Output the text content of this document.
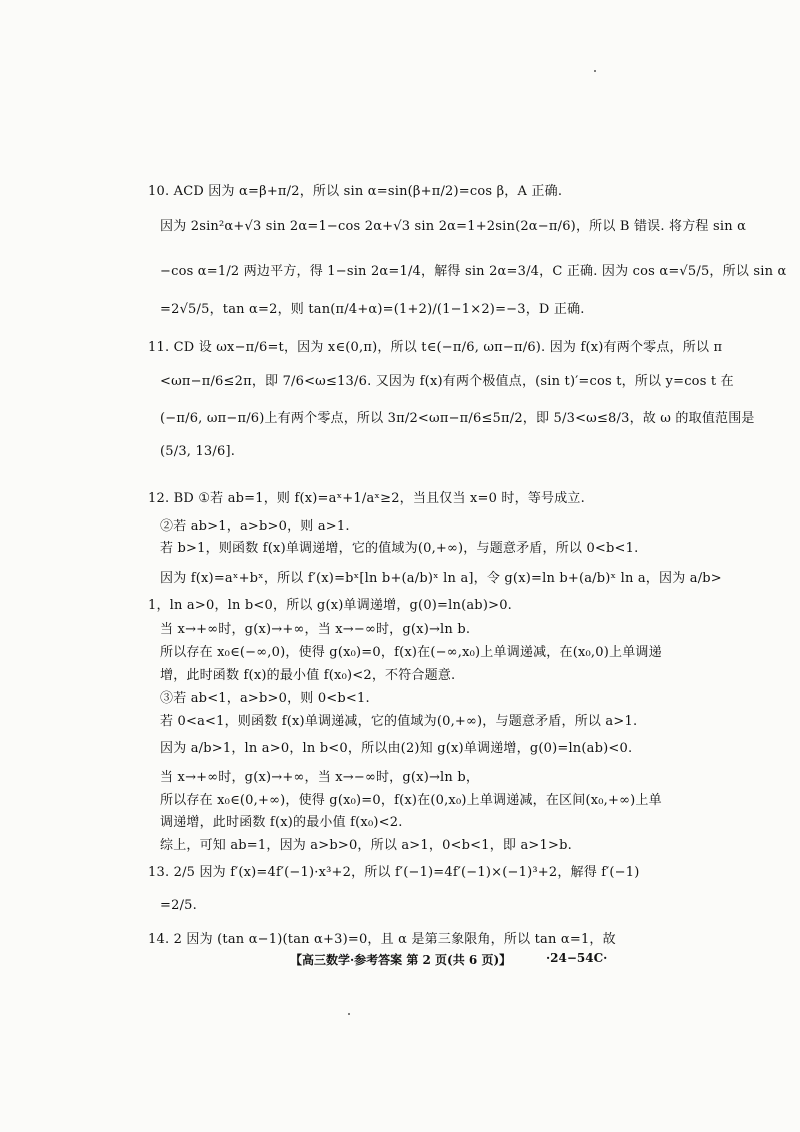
10. ACD 因为 α=β+π/2，所以 sin α=sin(β+π/2)=cos β，A 正确.
因为 2sin²α+√3 sin 2α=1−cos 2α+√3 sin 2α=1+2sin(2α−π/6)，所以 B 错误. 将方程 sin α
−cos α=1/2 两边平方，得 1−sin 2α=1/4，解得 sin 2α=3/4，C 正确. 因为 cos α=√5/5，所以 sin α
=2√5/5，tan α=2，则 tan(π/4+α)=(1+2)/(1−1×2)=−3，D 正确.
11. CD 设 ωx−π/6=t，因为 x∈(0,π)，所以 t∈(−π/6, ωπ−π/6). 因为 f(x)有两个零点，所以 π
<ωπ−π/6≤2π，即 7/6<ω≤13/6. 又因为 f(x)有两个极值点，(sin t)′=cos t，所以 y=cos t 在
(−π/6, ωπ−π/6)上有两个零点，所以 3π/2<ωπ−π/6≤5π/2，即 5/3<ω≤8/3，故 ω 的取值范围是
(5/3, 13/6].
12. BD ①若 ab=1，则 f(x)=aˣ+1/aˣ≥2，当且仅当 x=0 时，等号成立.
②若 ab>1，a>b>0，则 a>1.
若 b>1，则函数 f(x)单调递增，它的值域为(0,+∞)，与题意矛盾，所以 0<b<1.
因为 f(x)=aˣ+bˣ，所以 f′(x)=bˣ[ln b+(a/b)ˣ ln a]，令 g(x)=ln b+(a/b)ˣ ln a，因为 a/b>
1，ln a>0，ln b<0，所以 g(x)单调递增，g(0)=ln(ab)>0.
当 x→+∞时，g(x)→+∞，当 x→−∞时，g(x)→ln b.
所以存在 x₀∈(−∞,0)，使得 g(x₀)=0，f(x)在(−∞,x₀)上单调递减，在(x₀,0)上单调递
增，此时函数 f(x)的最小值 f(x₀)<2，不符合题意.
③若 ab<1，a>b>0，则 0<b<1.
若 0<a<1，则函数 f(x)单调递减，它的值域为(0,+∞)，与题意矛盾，所以 a>1.
因为 a/b>1，ln a>0，ln b<0，所以由(2)知 g(x)单调递增，g(0)=ln(ab)<0.
当 x→+∞时，g(x)→+∞，当 x→−∞时，g(x)→ln b，
所以存在 x₀∈(0,+∞)，使得 g(x₀)=0，f(x)在(0,x₀)上单调递减，在区间(x₀,+∞)上单
调递增，此时函数 f(x)的最小值 f(x₀)<2.
综上，可知 ab=1，因为 a>b>0，所以 a>1，0<b<1，即 a>1>b.
13. 2/5 因为 f′(x)=4f′(−1)·x³+2，所以 f′(−1)=4f′(−1)×(−1)³+2，解得 f′(−1)
=2/5.
14. 2 因为 (tan α−1)(tan α+3)=0，且 α 是第三象限角，所以 tan α=1，故
【高三数学·参考答案 第 2 页(共 6 页)】	·24−54C·
